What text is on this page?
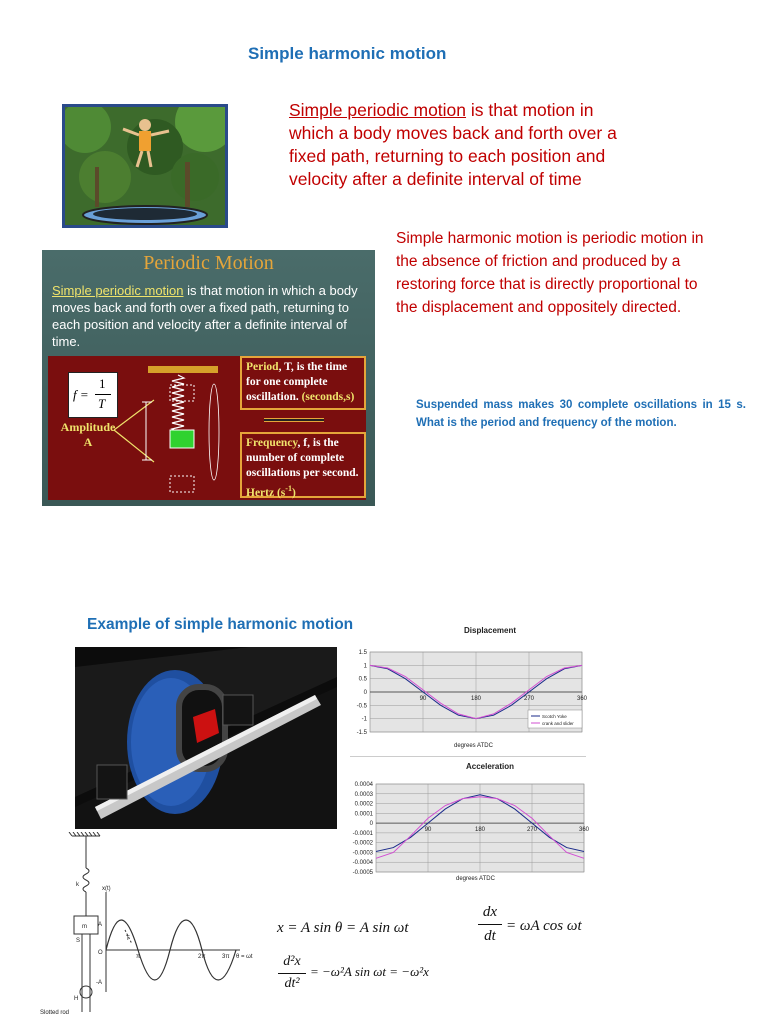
Simple harmonic motion
Simple periodic motion is that motion in
which a body moves back and forth over a
fixed path, returning to each position and
velocity after a definite interval of time
Simple harmonic motion is periodic motion in
the absence of friction and produced by a
restoring force that is directly proportional to
the displacement and oppositely directed.
Suspended mass makes 30 complete oscillations in 15 s. What is the period and frequency of the motion.
Periodic Motion
Simple periodic motion is that motion in which a body moves back and forth over a fixed path, returning to each position and velocity after a definite interval of time.
f =
1
T
Amplitude
A
Period, T, is the time for one complete oscillation. (seconds,s)
Frequency, f, is the number of complete oscillations per second. Hertz $(s^{-1})$
Example of simple harmonic motion	Displacement
1.5
1
0.5
0
-0.5
-1
-1.5
90	180	270	360
Scotch Yoke
crank and slider
degrees ATDC
Acceleration
0.0004
0.0003
0.0002
0.0001
0
-0.0001
-0.0002
-0.0003
-0.0004
-0.0005
90	180	270	360
degrees ATDC
k
x(t)
m
S
O
A
-A
T
H
π	2π	3π θ = ωt
Slotted rod
x = A sin θ = A sin ωt
dx
dt
= ωA cos ωt
d²x
dt²
= −ω²A sin ωt = −ω²x
